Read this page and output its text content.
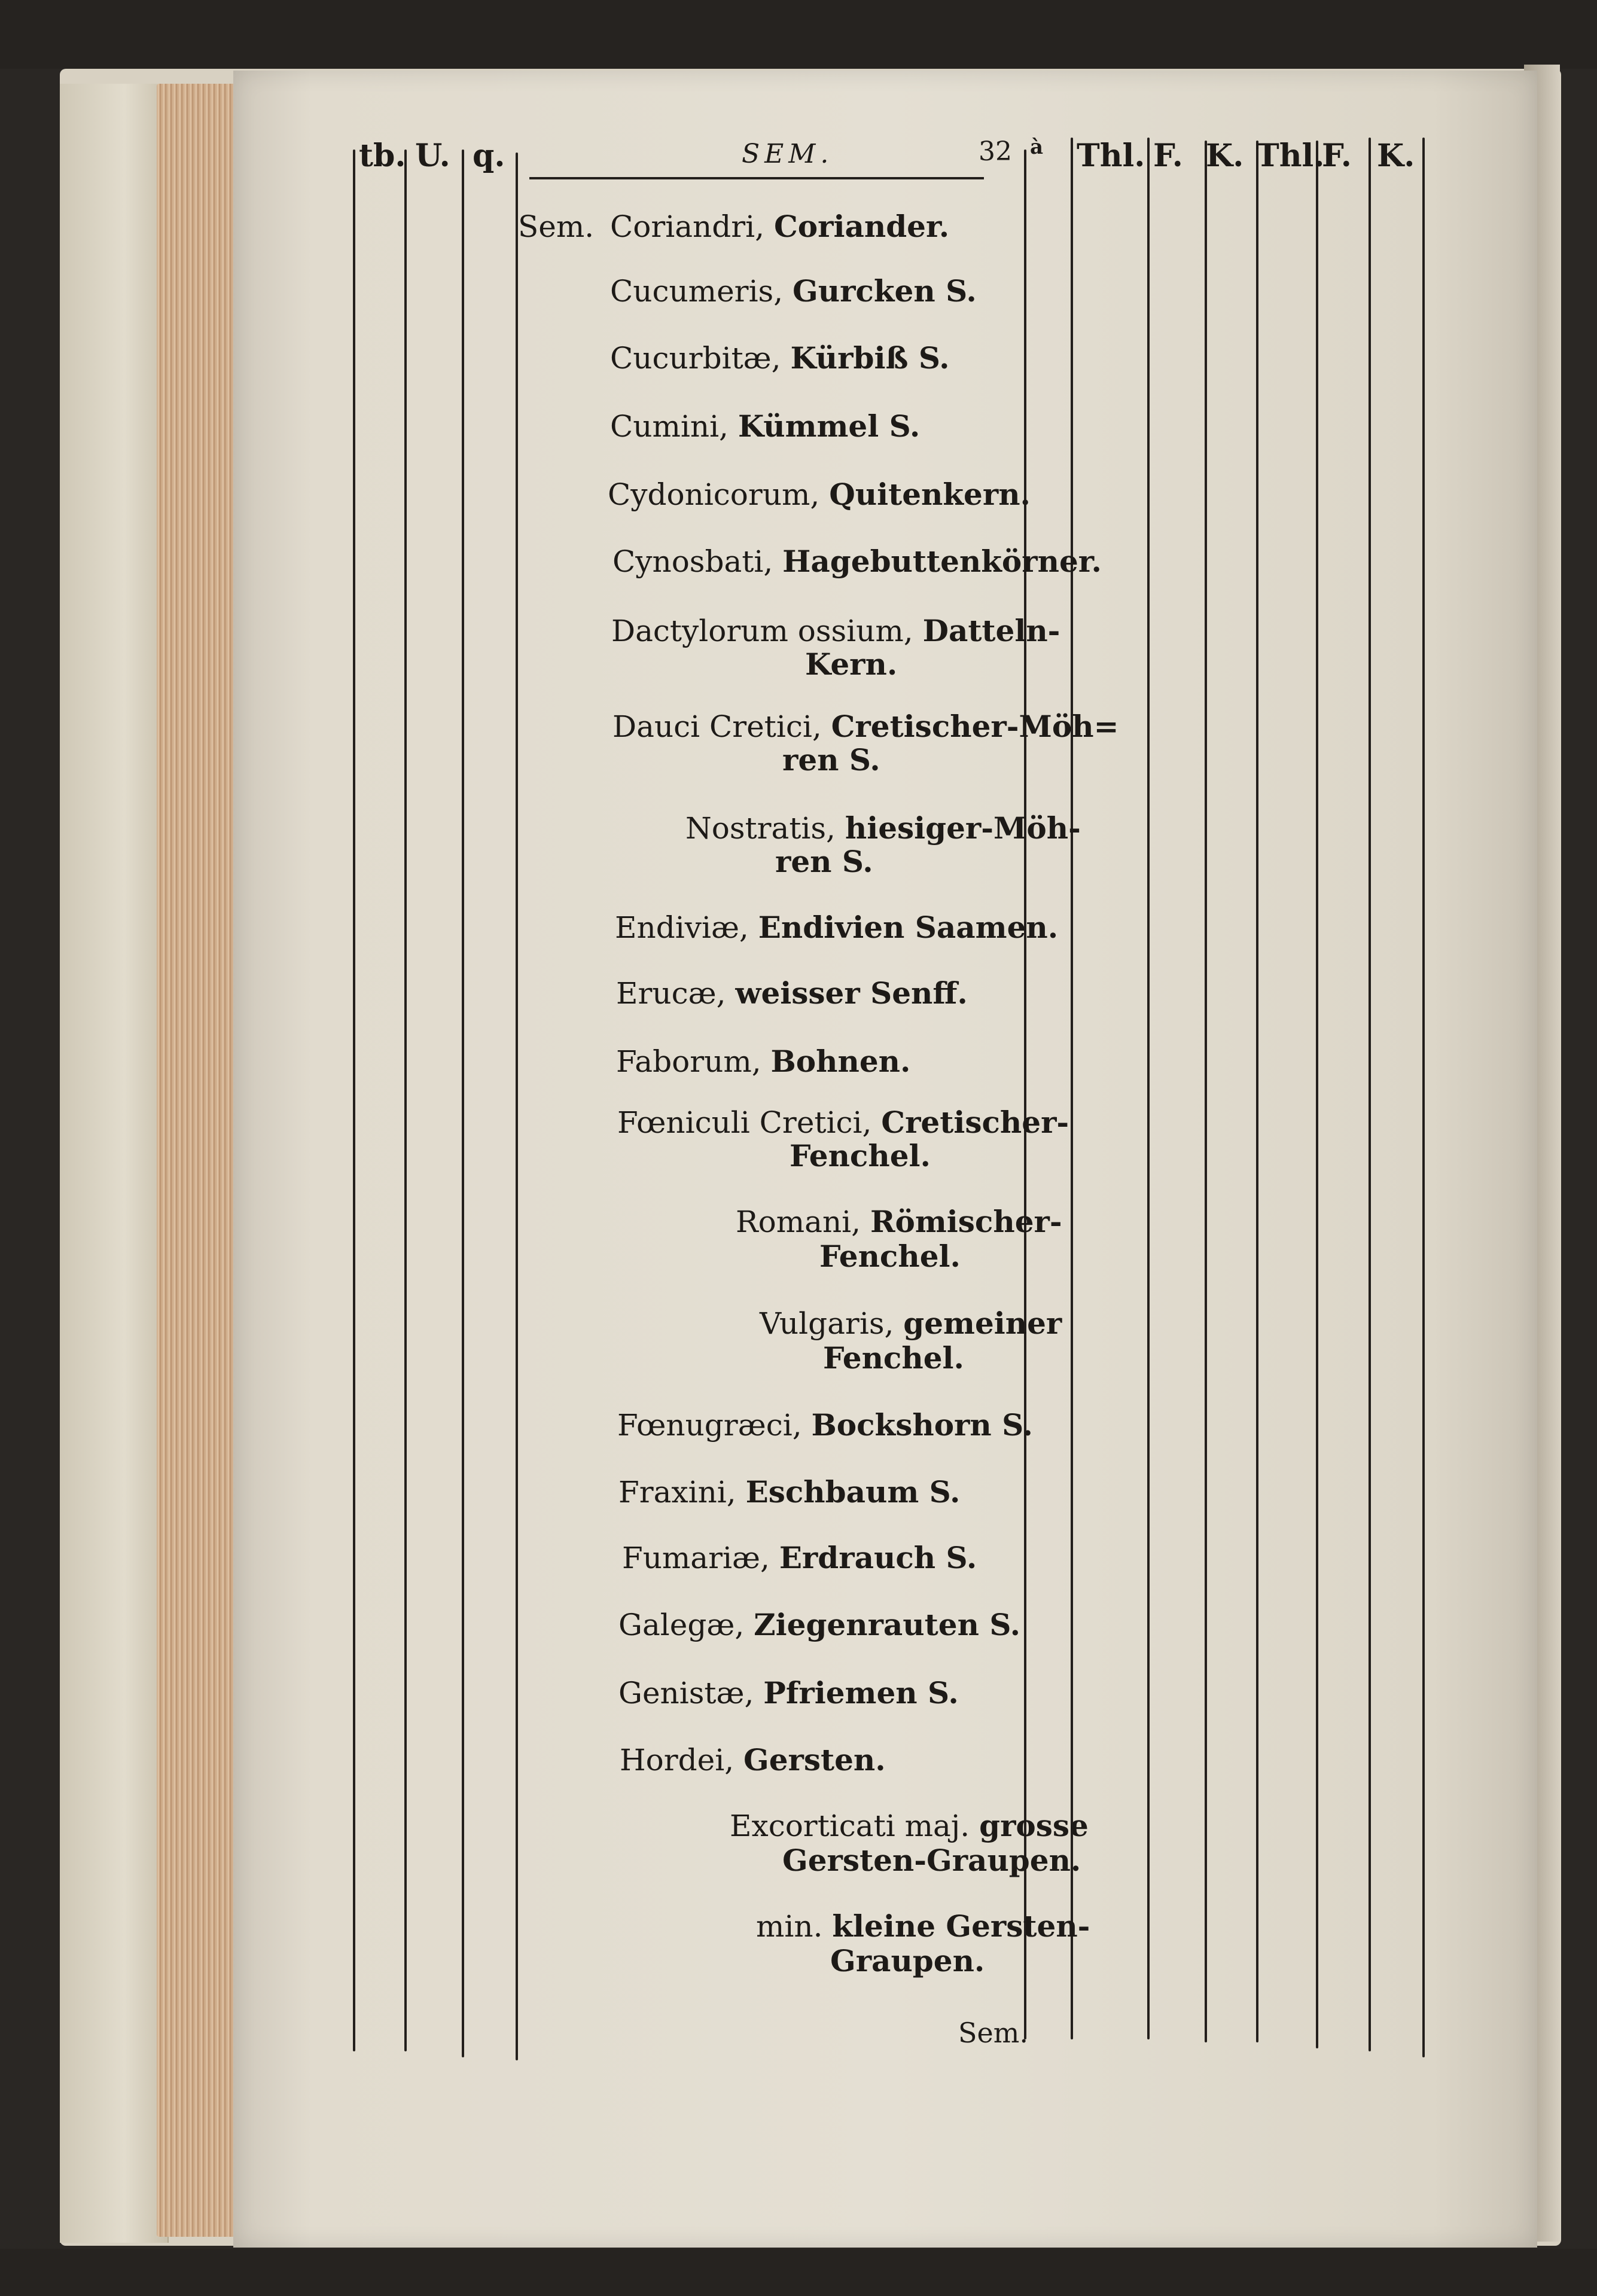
tb. U. q.	SEM.	32 à Thl. F. K. Thl.
F. K.
Sem. Coriandri, Coriander.
Cucumeris, Gurcken S.
Cucurbitæ, Kürbiß S.
Cumini, Kümmel S.
Cydonicorum, Quitenkern.
Cynosbati, Hagebuttenkörner.
Dactylorum ossium, Datteln-
Kern.
Dauci Cretici, Cretischer-Möh=
ren S.
Nostratis, hiesiger-Möh-
ren S.
Endiviæ, Endivien Saamen.
Erucæ, weisser Senff.
Faborum, Bohnen.
Fœniculi Cretici, Cretischer-
Fenchel.
Romani, Römischer-
Fenchel.
Vulgaris, gemeiner
Fenchel.
Fœnugræci, Bockshorn S.
Fraxini, Eschbaum S.
Fumariæ, Erdrauch S.
Galegæ, Ziegenrauten S.
Genistæ, Pfriemen S.
Hordei, Gersten.
Excorticati maj. grosse
Gersten-Graupen.
min. kleine Gersten-
Graupen.
Sem.
